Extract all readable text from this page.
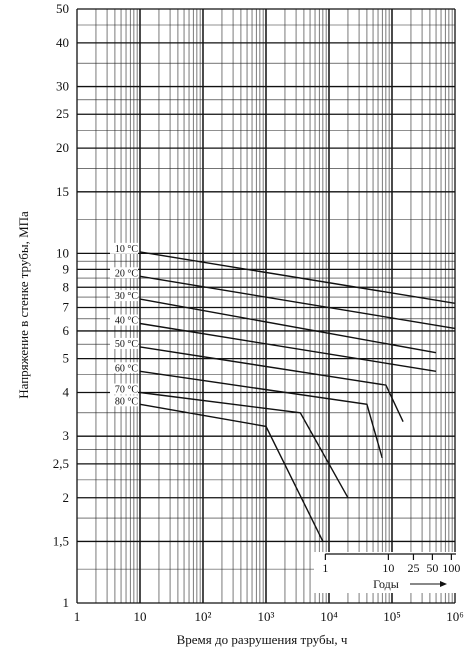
10 °C
20 °C
30 °C
40 °C
50 °C
60 °C
70 °C
80 °C
1	10	10²	10³	10⁴	10⁵	10⁶
1
1,5
2
2,5
3
4
5
6
7
8
9
10
15
20
25
30
40
50
1	10 25 50 100
Годы
Время до разрушения трубы, ч
Напряжение в стенке трубы, МПа
